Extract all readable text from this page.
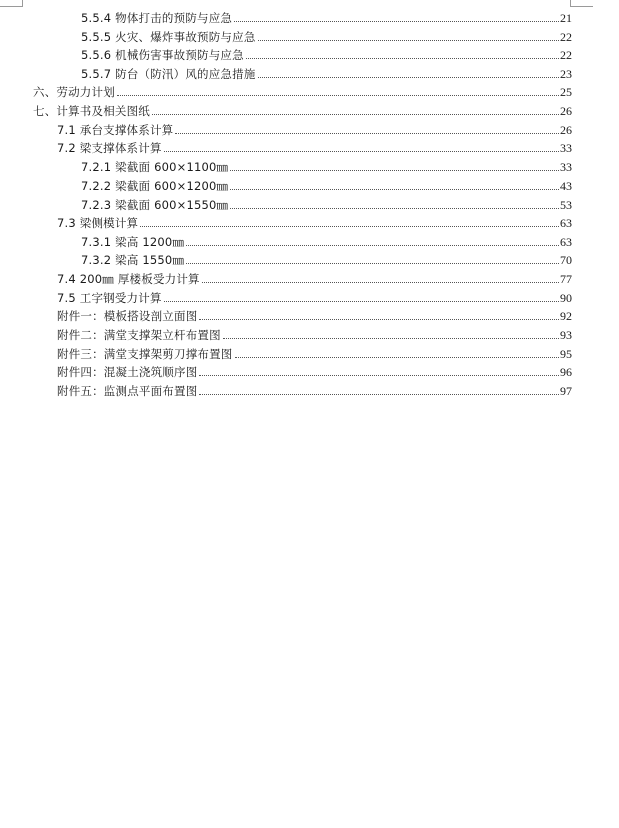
5.5.4 物体打击的预防与应急	21
5.5.5 火灾、爆炸事故预防与应急	22
5.5.6 机械伤害事故预防与应急	22
5.5.7 防台（防汛）风的应急措施	23
六、劳动力计划	25
七、计算书及相关图纸	26
7.1 承台支撑体系计算	26
7.2 梁支撑体系计算	33
7.2.1 梁截面 600×1100㎜	33
7.2.2 梁截面 600×1200㎜	43
7.2.3 梁截面 600×1550㎜	53
7.3 梁侧模计算	63
7.3.1 梁高 1200㎜	63
7.3.2 梁高 1550㎜	70
7.4 200㎜ 厚楼板受力计算	77
7.5 工字钢受力计算	90
附件一：模板搭设剖立面图	92
附件二：满堂支撑架立杆布置图	93
附件三：满堂支撑架剪刀撑布置图	95
附件四：混凝土浇筑顺序图	96
附件五：监测点平面布置图	97
